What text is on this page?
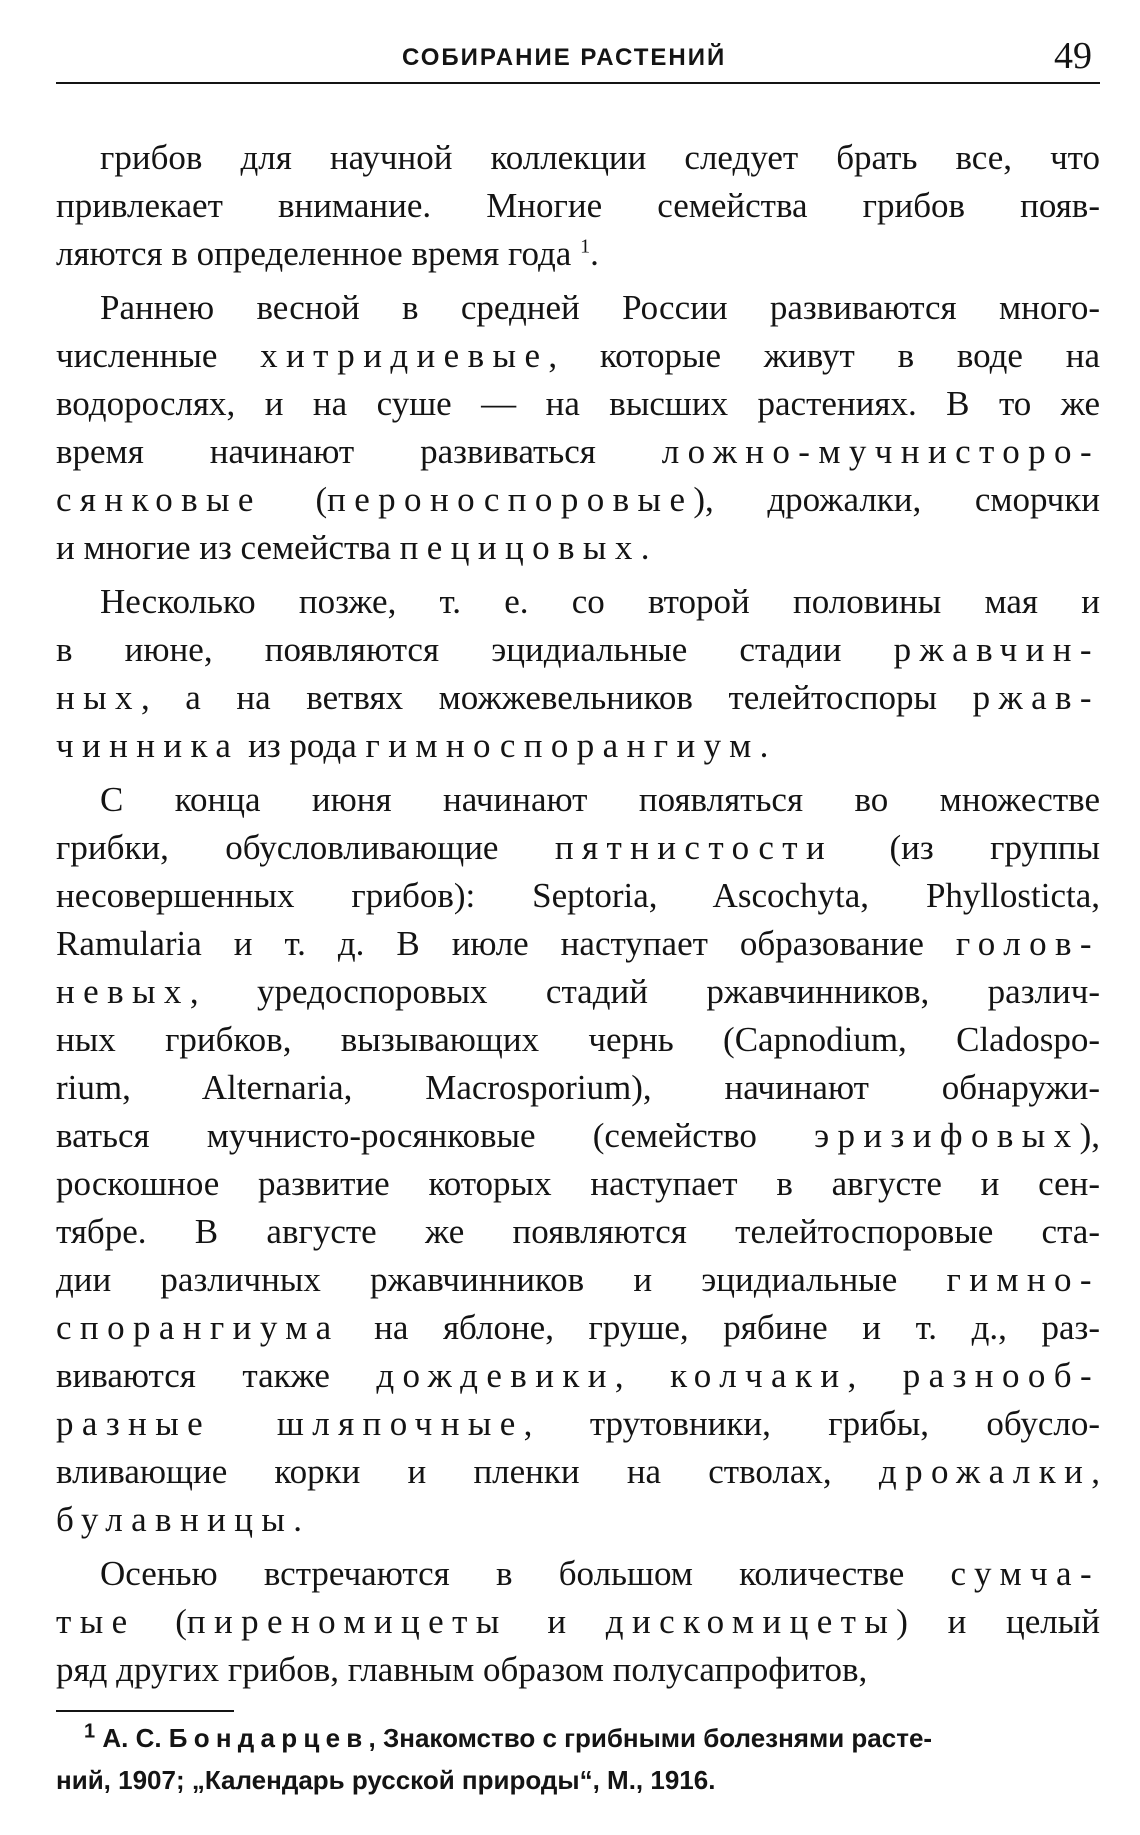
СОБИРАНИЕ РАСТЕНИЙ	49
грибов для научной коллекции следует брать все, что
привлекает внимание. Многие семейства грибов появ-
ляются в определенное время года $^1$.
Раннею весной в средней России развиваются много-
численные хитридиевые, которые живут в воде на
водорослях, и на суше — на высших растениях. В то же
время начинают развиваться ложно-мучнисторо-
сянковые (пероноспоровые), дрожалки, сморчки
и многие из семейства пецицовых.
Несколько позже, т. е. со второй половины мая и
в июне, появляются эцидиальные стадии ржавчин-
ных, а на ветвях можжевельников телейтоспоры ржав-
чинника из рода гимноспорангиум.
С конца июня начинают появляться во множестве
грибки, обусловливающие пятнистости (из группы
несовершенных грибов): Septoria, Ascochyta, Phyllosticta,
Ramularia и т. д. В июле наступает образование голов-
невых, уредоспоровых стадий ржавчинников, различ-
ных грибков, вызывающих чернь (Capnodium, Cladospo-
rium, Alternaria, Macrosporium), начинают обнаружи-
ваться мучнисто-росянковые (семейство эризифовых),
роскошное развитие которых наступает в августе и сен-
тябре. В августе же появляются телейтоспоровые ста-
дии различных ржавчинников и эцидиальные гимно-
спорангиума на яблоне, груше, рябине и т. д., раз-
виваются также дождевики, колчаки, разнооб-
разные шляпочные, трутовники, грибы, обусло-
вливающие корки и пленки на стволах, дрожалки,
булавницы.
Осенью встречаются в большом количестве сумча-
тые (пиреномицеты и дискомицеты) и целый
ряд других грибов, главным образом полусапрофитов,
$^1$ А. С. Бондарцев, Знакомство с грибными болезнями расте-
ний, 1907; „Календарь русской природы“, М., 1916.
